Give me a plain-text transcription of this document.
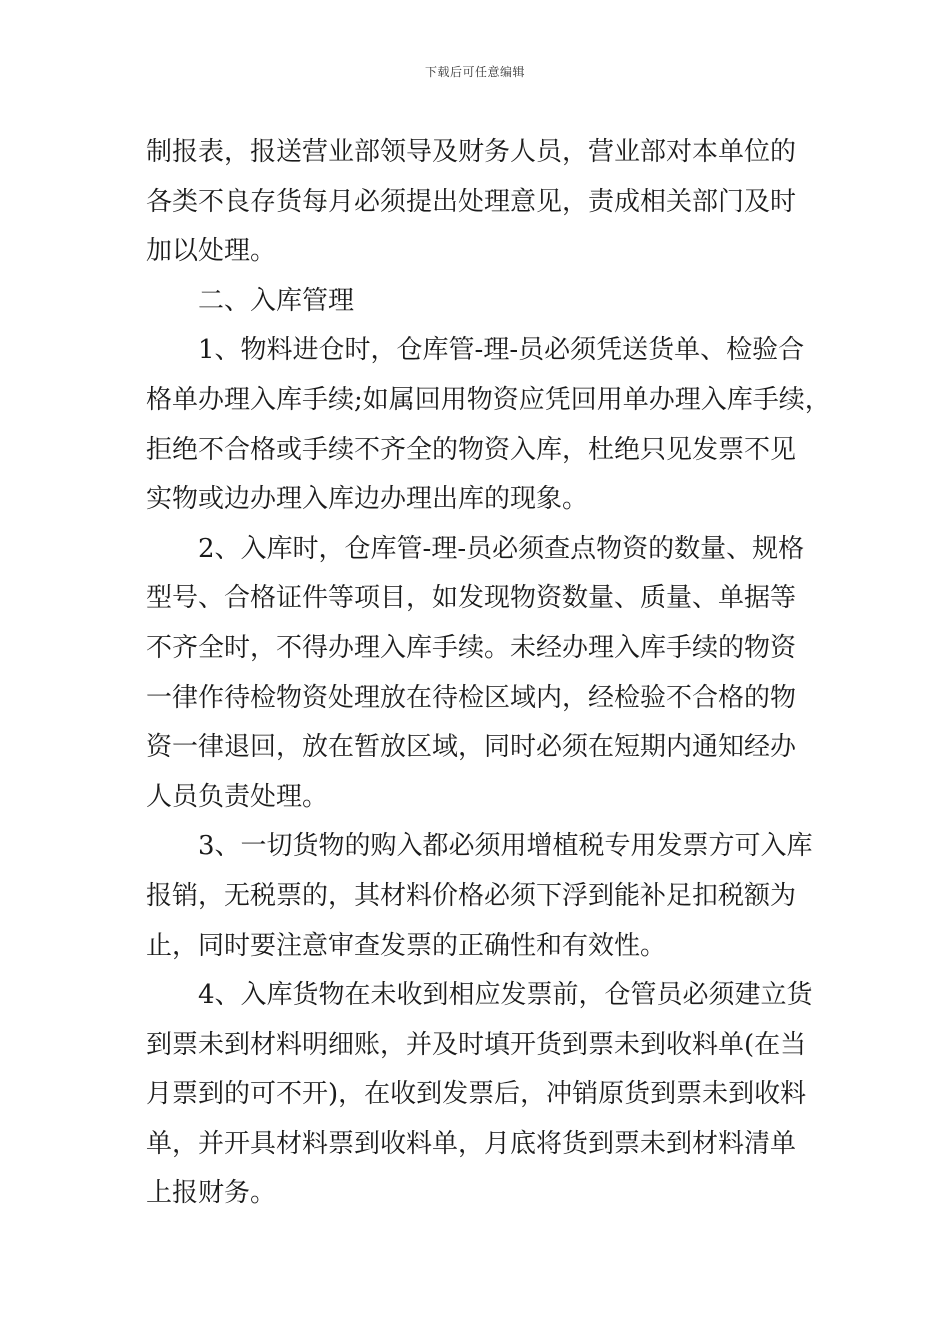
下载后可任意编辑
制报表，报送营业部领导及财务人员，营业部对本单位的
各类不良存货每月必须提出处理意见，责成相关部门及时
加以处理。
二、入库管理
1、物料进仓时，仓库管-理-员必须凭送货单、检验合
格单办理入库手续;如属回用物资应凭回用单办理入库手续，
拒绝不合格或手续不齐全的物资入库，杜绝只见发票不见
实物或边办理入库边办理出库的现象。
2、入库时，仓库管-理-员必须查点物资的数量、规格
型号、合格证件等项目，如发现物资数量、质量、单据等
不齐全时，不得办理入库手续。未经办理入库手续的物资
一律作待检物资处理放在待检区域内，经检验不合格的物
资一律退回，放在暂放区域，同时必须在短期内通知经办
人员负责处理。
3、一切货物的购入都必须用增植税专用发票方可入库
报销，无税票的，其材料价格必须下浮到能补足扣税额为
止，同时要注意审查发票的正确性和有效性。
4、入库货物在未收到相应发票前，仓管员必须建立货
到票未到材料明细账，并及时填开货到票未到收料单(在当
月票到的可不开)，在收到发票后，冲销原货到票未到收料
单，并开具材料票到收料单，月底将货到票未到材料清单
上报财务。
